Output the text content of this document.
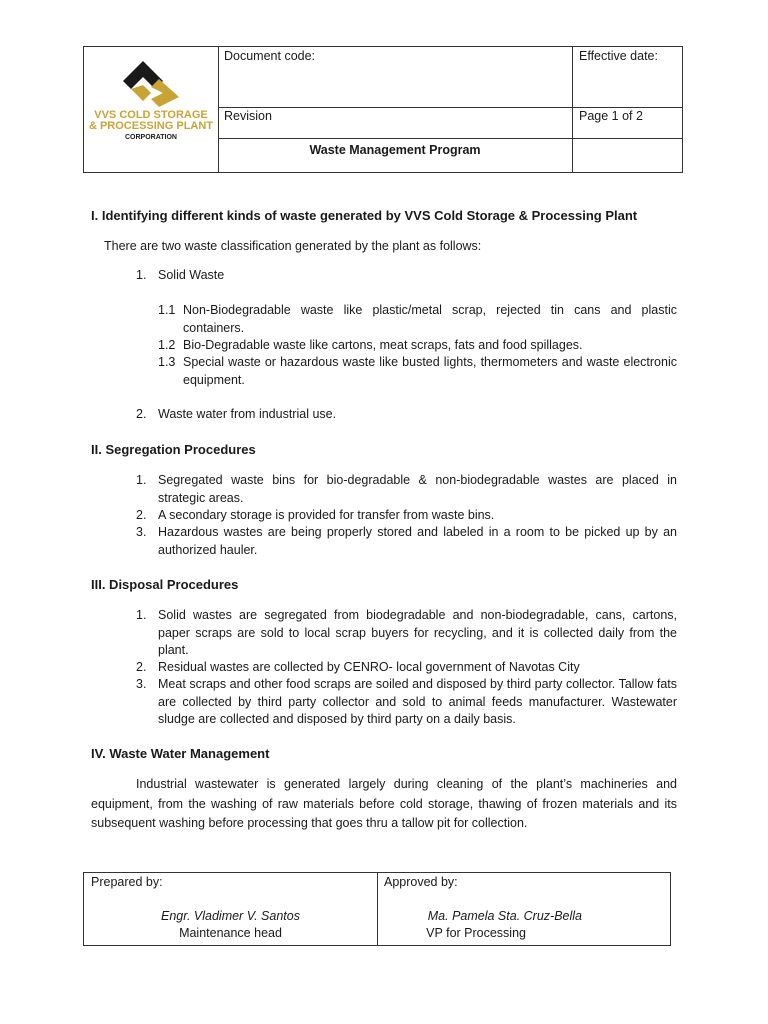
VVS COLD STORAGE
& PROCESSING PLANT
CORPORATION
Document code:	Effective date:
Revision	Page 1 of 2
Waste Management Program
I. Identifying different kinds of waste generated by VVS Cold Storage & Processing Plant
There are two waste classification generated by the plant as follows:
1. Solid Waste
1.1 Non-Biodegradable waste like plastic/metal scrap, rejected tin cans and plastic containers.
1.2 Bio-Degradable waste like cartons, meat scraps, fats and food spillages.
1.3 Special waste or hazardous waste like busted lights, thermometers and waste electronic equipment.
2. Waste water from industrial use.
II. Segregation Procedures
1. Segregated waste bins for bio-degradable & non-biodegradable wastes are placed in strategic areas.
2. A secondary storage is provided for transfer from waste bins.
3. Hazardous wastes are being properly stored and labeled in a room to be picked up by an authorized hauler.
III. Disposal Procedures
1. Solid wastes are segregated from biodegradable and non-biodegradable, cans, cartons, paper scraps are sold to local scrap buyers for recycling, and it is collected daily from the plant.
2. Residual wastes are collected by CENRO- local government of Navotas City
3. Meat scraps and other food scraps are soiled and disposed by third party collector. Tallow fats are collected by third party collector and sold to animal feeds manufacturer. Wastewater sludge are collected and disposed by third party on a daily basis.
IV. Waste Water Management
Industrial wastewater is generated largely during cleaning of the plant’s machineries and equipment, from the washing of raw materials before cold storage, thawing of frozen materials and its subsequent washing before processing that goes thru a tallow pit for collection.
Prepared by:
Engr. Vladimer V. Santos
Maintenance head
Approved by:
Ma. Pamela Sta. Cruz-Bella
VP for Processing
